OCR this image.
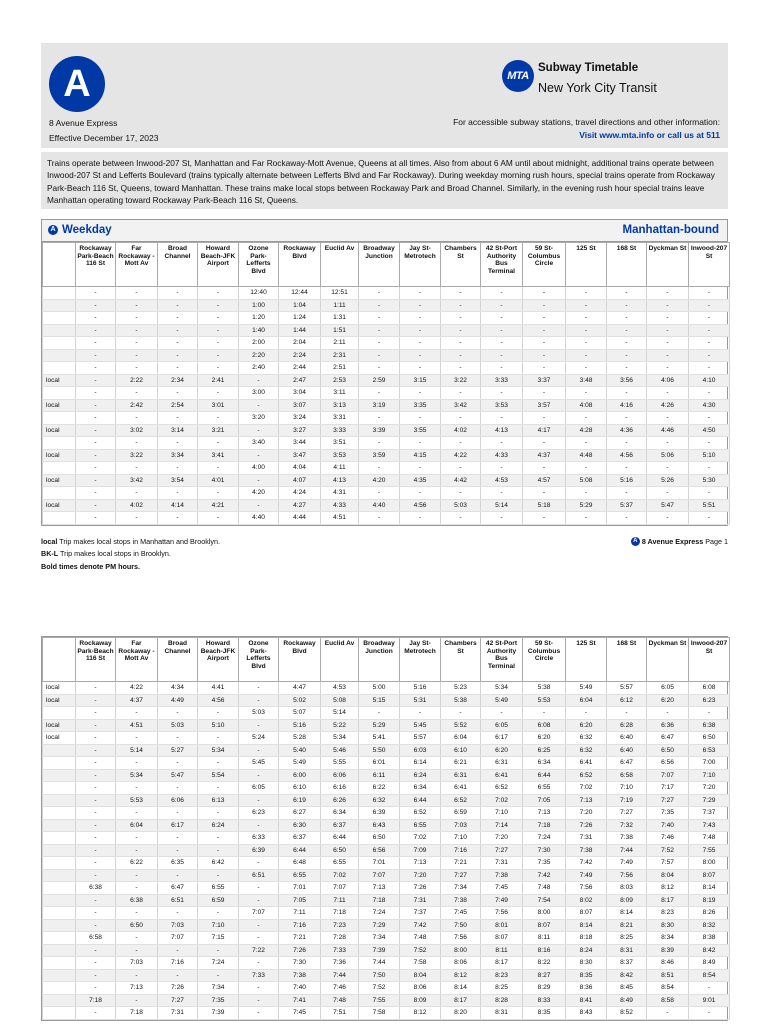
A
8 Avenue Express
Effective December 17, 2023
MTA
Subway Timetable
New York City Transit
For accessible subway stations, travel directions and other information:
Visit www.mta.info or call us at 511
Trains operate between Inwood-207 St, Manhattan and Far Rockaway-Mott Avenue, Queens at all times. Also from about 6 AM until about midnight, additional trains operate between Inwood-207 St and Lefferts Boulevard (trains typically alternate between Lefferts Blvd and Far Rockaway). During weekday morning rush hours, special trains operate from Rockaway Park-Beach 116 St, Queens, toward Manhattan. These trains make local stops between Rockaway Park and Broad Channel. Similarly, in the evening rush hour special trains leave Manhattan operating toward Rockaway Park-Beach 116 St, Queens.
A Weekday	Manhattan-bound
	Rockaway Park-Beach 116 St	Far Rockaway -Mott Av	Broad Channel	Howard Beach-JFK Airport	Ozone Park-Lefferts Blvd	Rockaway Blvd	Euclid Av	Broadway Junction	Jay St-Metrotech	Chambers St	42 St-Port Authority Bus Terminal	59 St-Columbus Circle	125 St	168 St	Dyckman St	Inwood-207 St
	-	-	-	-	12:40	12:44	12:51	-	-	-	-	-	-	-	-	-
	-	-	-	-	1:00	1:04	1:11	-	-	-	-	-	-	-	-	-
	-	-	-	-	1:20	1:24	1:31	-	-	-	-	-	-	-	-	-
	-	-	-	-	1:40	1:44	1:51	-	-	-	-	-	-	-	-	-
	-	-	-	-	2:00	2:04	2:11	-	-	-	-	-	-	-	-	-
	-	-	-	-	2:20	2:24	2:31	-	-	-	-	-	-	-	-	-
	-	-	-	-	2:40	2:44	2:51	-	-	-	-	-	-	-	-	-
local	-	2:22	2:34	2:41	-	2:47	2:53	2:59	3:15	3:22	3:33	3:37	3:48	3:56	4:06	4:10
	-	-	-	-	3:00	3:04	3:11	-	-	-	-	-	-	-	-	-
local	-	2:42	2:54	3:01	-	3:07	3:13	3:19	3:35	3:42	3:53	3:57	4:08	4:16	4:26	4:30
	-	-	-	-	3:20	3:24	3:31	-	-	-	-	-	-	-	-	-
local	-	3:02	3:14	3:21	-	3:27	3:33	3:39	3:55	4:02	4:13	4:17	4:28	4:36	4:46	4:50
	-	-	-	-	3:40	3:44	3:51	-	-	-	-	-	-	-	-	-
local	-	3:22	3:34	3:41	-	3:47	3:53	3:59	4:15	4:22	4:33	4:37	4:48	4:56	5:06	5:10
	-	-	-	-	4:00	4:04	4:11	-	-	-	-	-	-	-	-	-
local	-	3:42	3:54	4:01	-	4:07	4:13	4:20	4:35	4:42	4:53	4:57	5:08	5:16	5:26	5:30
	-	-	-	-	4:20	4:24	4:31	-	-	-	-	-	-	-	-	-
local	-	4:02	4:14	4:21	-	4:27	4:33	4:40	4:56	5:03	5:14	5:18	5:29	5:37	5:47	5:51
	-	-	-	-	4:40	4:44	4:51	-	-	-	-	-	-	-	-	-
local Trip makes local stops in Manhattan and Brooklyn.
BK-L Trip makes local stops in Brooklyn.
Bold times denote PM hours.
A 8 Avenue Express Page 1
	Rockaway Park-Beach 116 St	Far Rockaway -Mott Av	Broad Channel	Howard Beach-JFK Airport	Ozone Park-Lefferts Blvd	Rockaway Blvd	Euclid Av	Broadway Junction	Jay St-Metrotech	Chambers St	42 St-Port Authority Bus Terminal	59 St-Columbus Circle	125 St	168 St	Dyckman St	Inwood-207 St
local	-	4:22	4:34	4:41	-	4:47	4:53	5:00	5:16	5:23	5:34	5:38	5:49	5:57	6:05	6:08
local	-	4:37	4:49	4:56	-	5:02	5:08	5:15	5:31	5:38	5:49	5:53	6:04	6:12	6:20	6:23
	-	-	-	-	5:03	5:07	5:14	-	-	-	-	-	-	-	-	-
local	-	4:51	5:03	5:10	-	5:16	5:22	5:29	5:45	5:52	6:05	6:08	6:20	6:28	6:36	6:38
local	-	-	-	-	5:24	5:28	5:34	5:41	5:57	6:04	6:17	6:20	6:32	6:40	6:47	6:50
	-	5:14	5:27	5:34	-	5:40	5:46	5:50	6:03	6:10	6:20	6:25	6:32	6:40	6:50	6:53
	-	-	-	-	5:45	5:49	5:55	6:01	6:14	6:21	6:31	6:34	6:41	6:47	6:56	7:00
	-	5:34	5:47	5:54	-	6:00	6:06	6:11	6:24	6:31	6:41	6:44	6:52	6:58	7:07	7:10
	-	-	-	-	6:05	6:10	6:16	6:22	6:34	6:41	6:52	6:55	7:02	7:10	7:17	7:20
	-	5:53	6:06	6:13	-	6:19	6:26	6:32	6:44	6:52	7:02	7:05	7:13	7:19	7:27	7:29
	-	-	-	-	6:23	6:27	6:34	6:39	6:52	6:59	7:10	7:13	7:20	7:27	7:35	7:37
	-	6:04	6:17	6:24	-	6:30	6:37	6:43	6:55	7:03	7:14	7:18	7:26	7:32	7:40	7:43
	-	-	-	-	6:33	6:37	6:44	6:50	7:02	7:10	7:20	7:24	7:31	7:38	7:46	7:48
	-	-	-	-	6:39	6:44	6:50	6:56	7:09	7:16	7:27	7:30	7:38	7:44	7:52	7:55
	-	6:22	6:35	6:42	-	6:48	6:55	7:01	7:13	7:21	7:31	7:35	7:42	7:49	7:57	8:00
	-	-	-	-	6:51	6:55	7:02	7:07	7:20	7:27	7:38	7:42	7:49	7:56	8:04	8:07
	6:38	-	6:47	6:55	-	7:01	7:07	7:13	7:26	7:34	7:45	7:48	7:56	8:03	8:12	8:14
	-	6:38	6:51	6:59	-	7:05	7:11	7:18	7:31	7:38	7:49	7:54	8:02	8:09	8:17	8:19
	-	-	-	-	7:07	7:11	7:18	7:24	7:37	7:45	7:56	8:00	8:07	8:14	8:23	8:26
	-	6:50	7:03	7:10	-	7:16	7:23	7:29	7:42	7:50	8:01	8:07	8:14	8:21	8:30	8:32
	6:58	-	7:07	7:15	-	7:21	7:28	7:34	7:48	7:56	8:07	8:11	8:18	8:25	8:34	8:38
	-	-	-	-	7:22	7:26	7:33	7:39	7:52	8:00	8:11	8:16	8:24	8:31	8:39	8:42
	-	7:03	7:16	7:24	-	7:30	7:36	7:44	7:58	8:06	8:17	8:22	8:30	8:37	8:46	8:49
	-	-	-	-	7:33	7:38	7:44	7:50	8:04	8:12	8:23	8:27	8:35	8:42	8:51	8:54
	-	7:13	7:26	7:34	-	7:40	7:46	7:52	8:06	8:14	8:25	8:29	8:36	8:45	8:54	-
	7:18	-	7:27	7:35	-	7:41	7:48	7:55	8:09	8:17	8:28	8:33	8:41	8:49	8:58	9:01
	-	7:18	7:31	7:39	-	7:45	7:51	7:58	8:12	8:20	8:31	8:35	8:43	8:52	-	-
